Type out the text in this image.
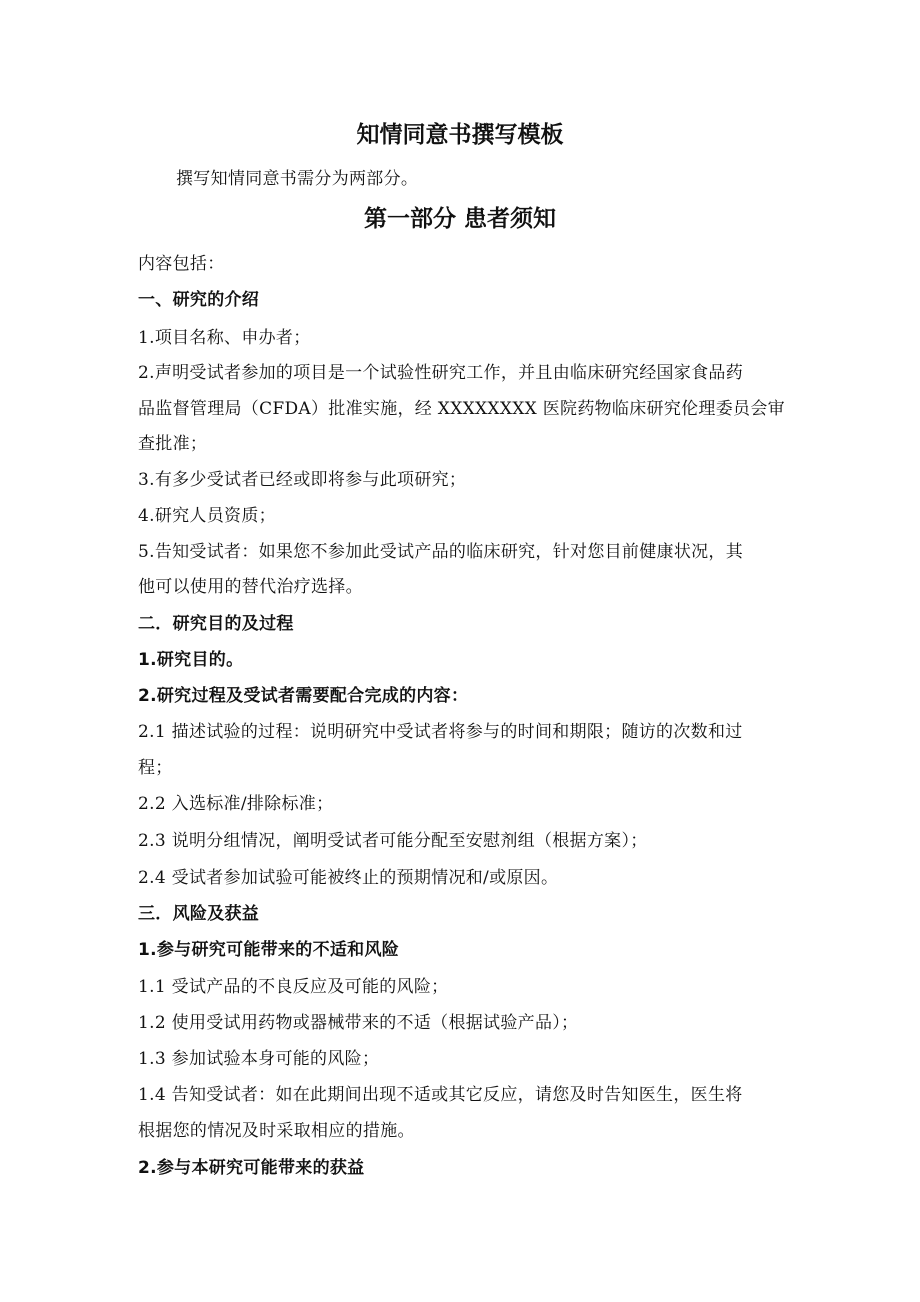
知情同意书撰写模板
撰写知情同意书需分为两部分。
第一部分 患者须知
内容包括：
一、研究的介绍
1.项目名称、申办者；
2.声明受试者参加的项目是一个试验性研究工作，并且由临床研究经国家食品药
品监督管理局（CFDA）批准实施，经 XXXXXXXX 医院药物临床研究伦理委员会审
查批准；
3.有多少受试者已经或即将参与此项研究；
4.研究人员资质；
5.告知受试者：如果您不参加此受试产品的临床研究，针对您目前健康状况，其
他可以使用的替代治疗选择。
二．研究目的及过程
1.研究目的。
2.研究过程及受试者需要配合完成的内容：
2.1 描述试验的过程：说明研究中受试者将参与的时间和期限；随访的次数和过
程；
2.2 入选标准/排除标准；
2.3 说明分组情况，阐明受试者可能分配至安慰剂组（根据方案）；
2.4 受试者参加试验可能被终止的预期情况和/或原因。
三．风险及获益
1.参与研究可能带来的不适和风险
1.1 受试产品的不良反应及可能的风险；
1.2 使用受试用药物或器械带来的不适（根据试验产品）；
1.3 参加试验本身可能的风险；
1.4 告知受试者：如在此期间出现不适或其它反应，请您及时告知医生，医生将
根据您的情况及时采取相应的措施。
2.参与本研究可能带来的获益
